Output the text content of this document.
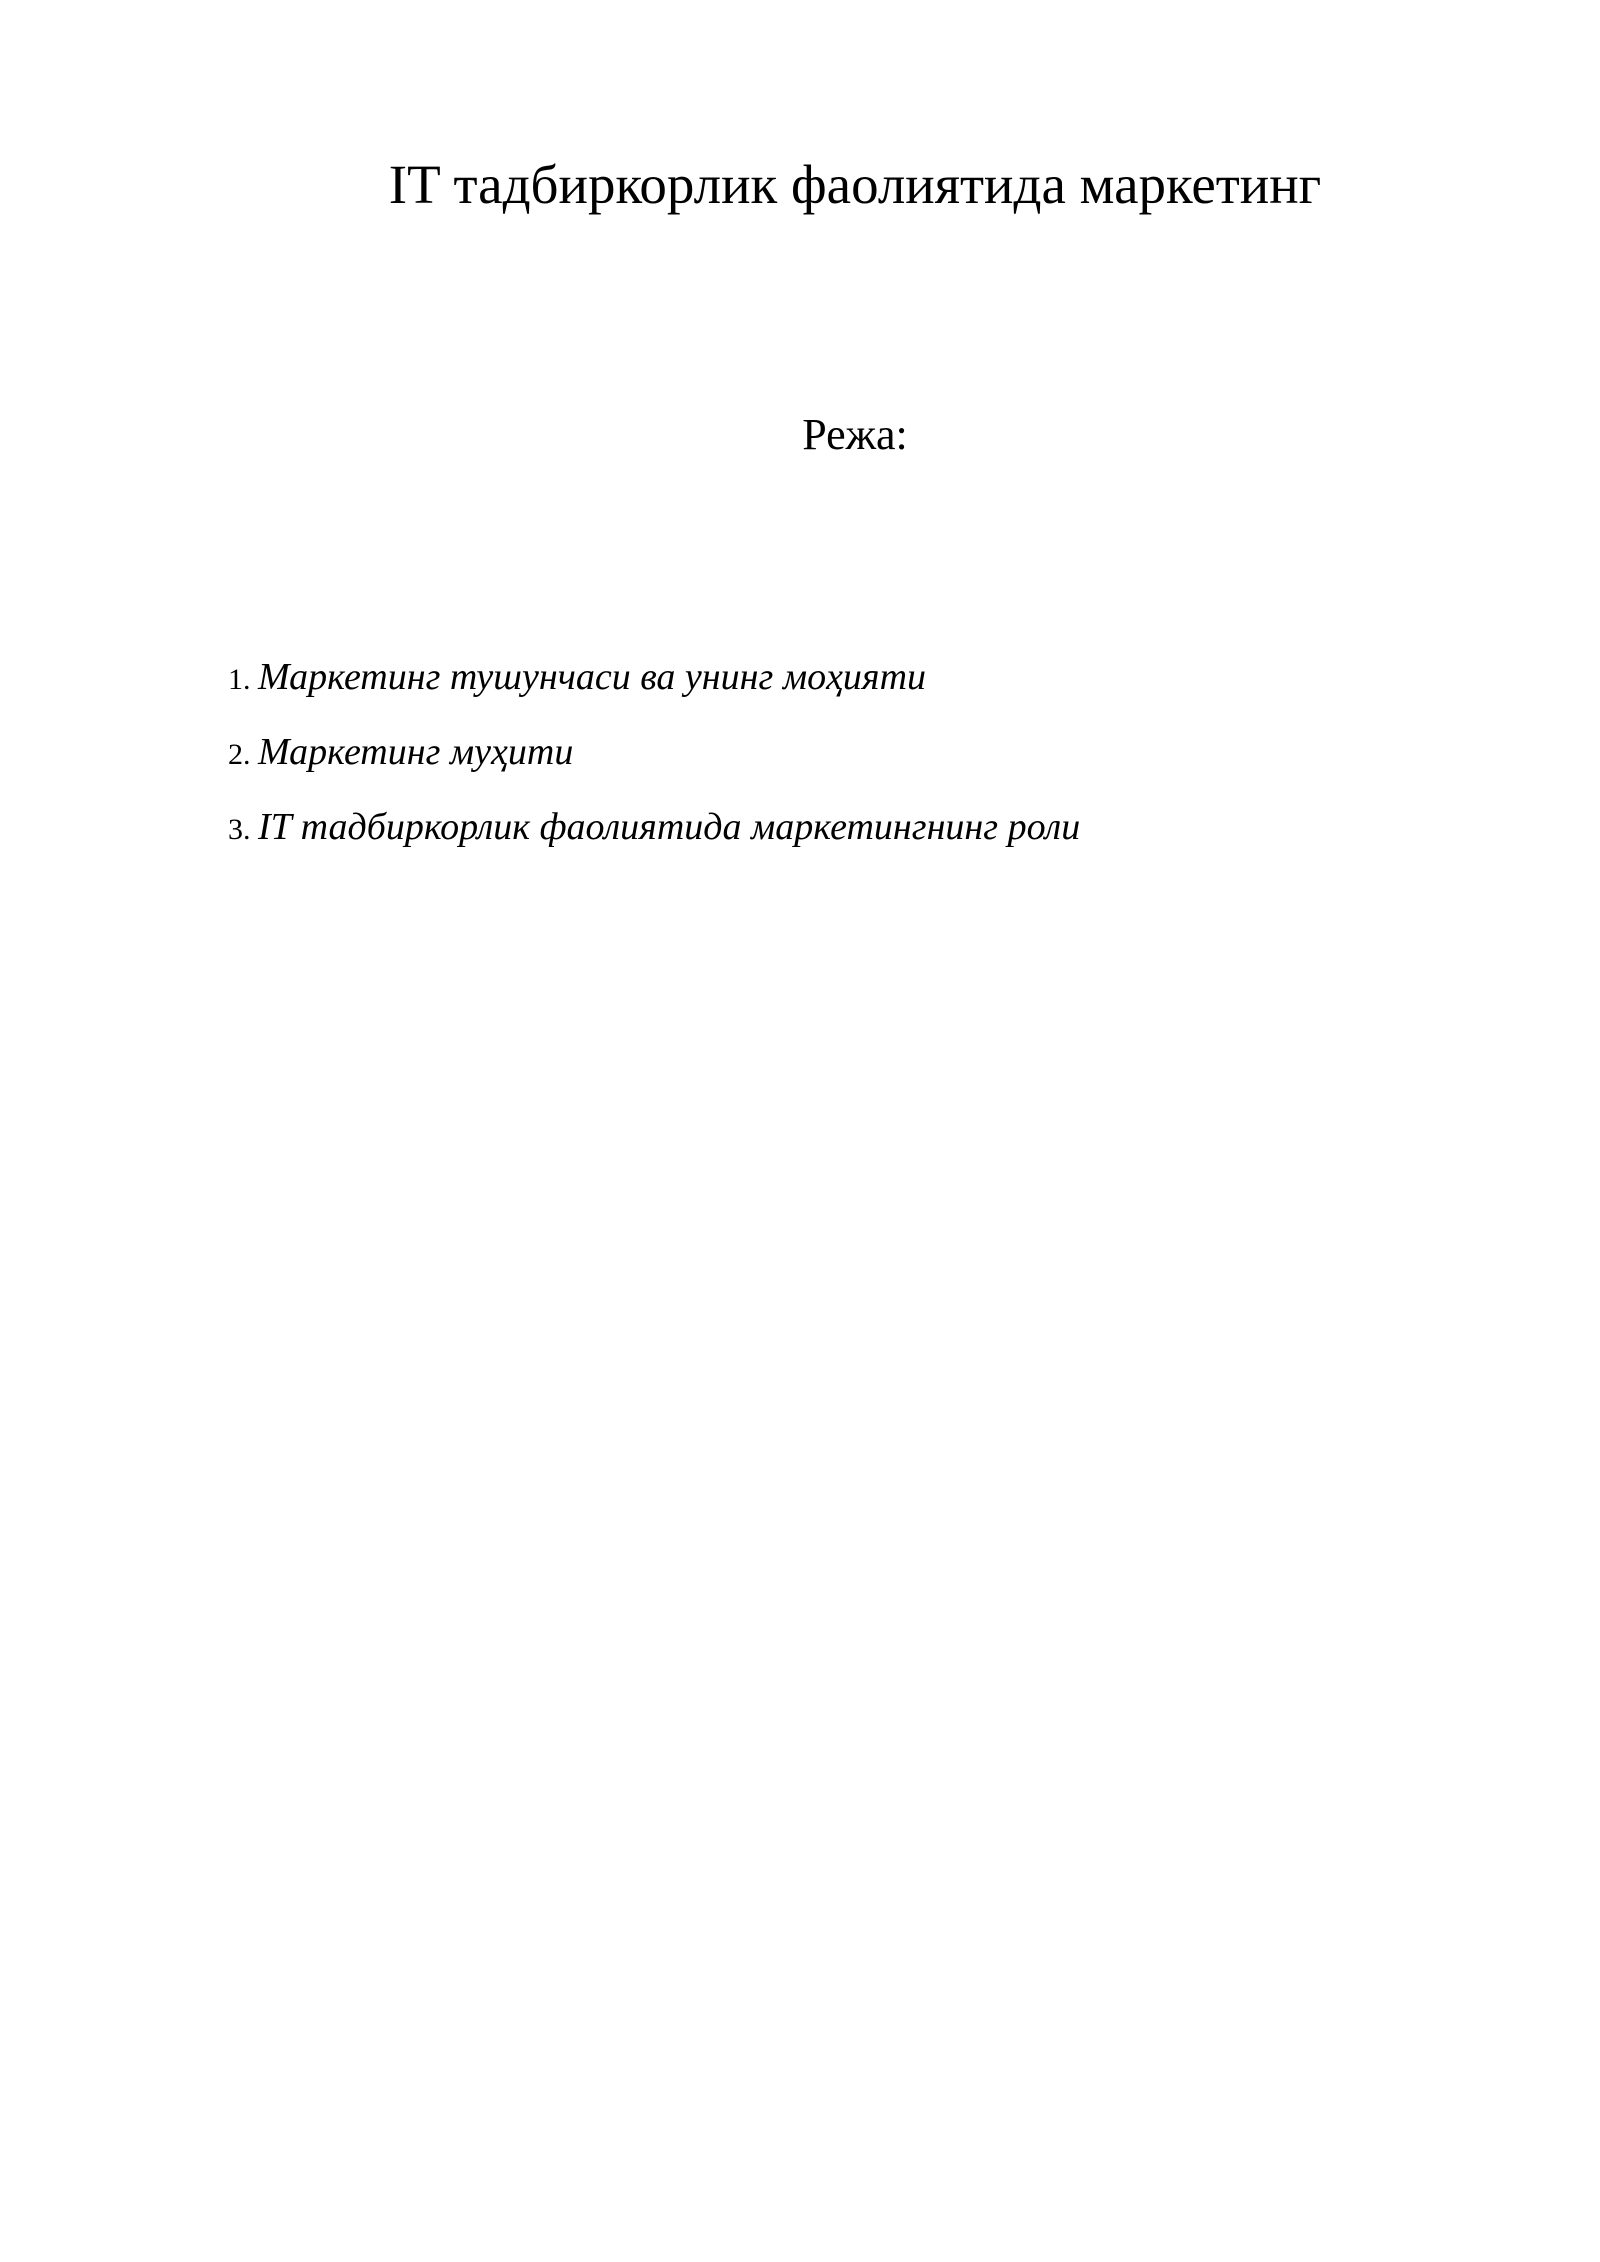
IT тадбиркорлик фаолиятида маркетинг
Режа:
1. Маркетинг тушунчаси ва унинг моҳияти
2. Маркетинг муҳити
3. IT тадбиркорлик фаолиятида маркетингнинг роли
